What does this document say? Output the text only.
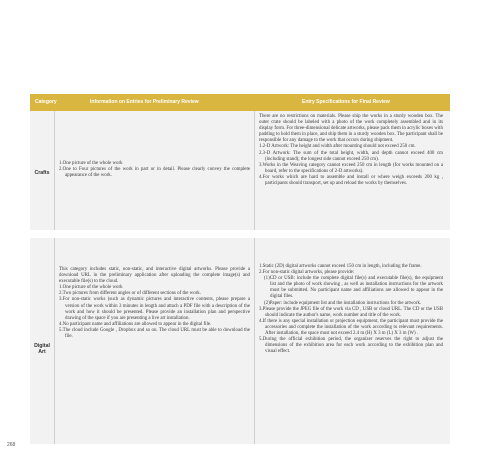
Category	Information on Entries for Preliminary Review	Entry Specifications for Final Review
Crafts

1.One picture of the whole work

2.One to Four pictures of the work in part or in detail. Please clearly convey the complete appearance of the work.

There are no restrictions on materials. Please ship the works in a sturdy wooden box. The outer crate should be labeled with a photo of the work completely assembled and in its display form. For three-dimensional delicate artworks, please pack them in acrylic boxes with padding to hold them in place, and ship them in a sturdy wooden box. The participant shall be responsible for any damage to the work that occurs during shipment.

1.2-D Artwork: The height and width after mounting should not exceed 250 cm.

2.3-D Artwork: The sum of the total height, width, and depth cannot exceed 400 cm (including stand); the longest side cannot exceed 250 cm).

3.Works in the Weaving category cannot exceed 250 cm in length (for works mounted on a board, refer to the specifications of 2-D artworks).

4.For works which are hard to assemble and install or where weigh exceeds 200 kg , participants should transport, set up and reload the works by themselves.

Digital Art

This category includes static, non-static, and interactive digital artworks. Please provide a download URL in the preliminary application after uploading the complete image(s) and executable file(s) to the cloud.

1.One picture of the whole work

2.Two pictures from different angles or of different sections of the work.

3.For non-static works (such as dynamic pictures and interactive contents, please prepare a version of the work within 3 minutes in length and attach a PDF file with a description of the work and how it should be presented. Please provide an installation plan and perspective drawing of the space if you are presenting a live art installation.

4.No participant name and affiliations are allowed to appear in the digital file.

5.The cloud include Google , Dropbox and so on. The cloud URL must be able to download the file.

1.Static (2D) digital artworks cannot exceed 150 cm in length, including the frame.

2.For non-static digital artworks, please provide:

(1)CD or USB: include the complete digital file(s) and executable file(s), the equipment list and the photo of work showing , as well as installation instructions for the artwork must be submitted. No participant name and affiliations are allowed to appear in the digital files.

(2)Paper: include equipment list and the installation instructions for the artwork.

3.Please provide the JPEG file of the work via CD , USB or cloud URL. The CD or the USB should indicate the author's name, work number and title of the work.

4.If there is any special installation or projection equipment, the participant must provide the accessories and complete the installation of the work according to relevant requirements. After installation, the space must not exceed 2.4 m (H) X 3 m (L) X 3 m (W) .

5.During the official exhibition period, the organizer reserves the right to adjust the dimensions of the exhibition area for each work according to the exhibition plan and visual effect.

268
